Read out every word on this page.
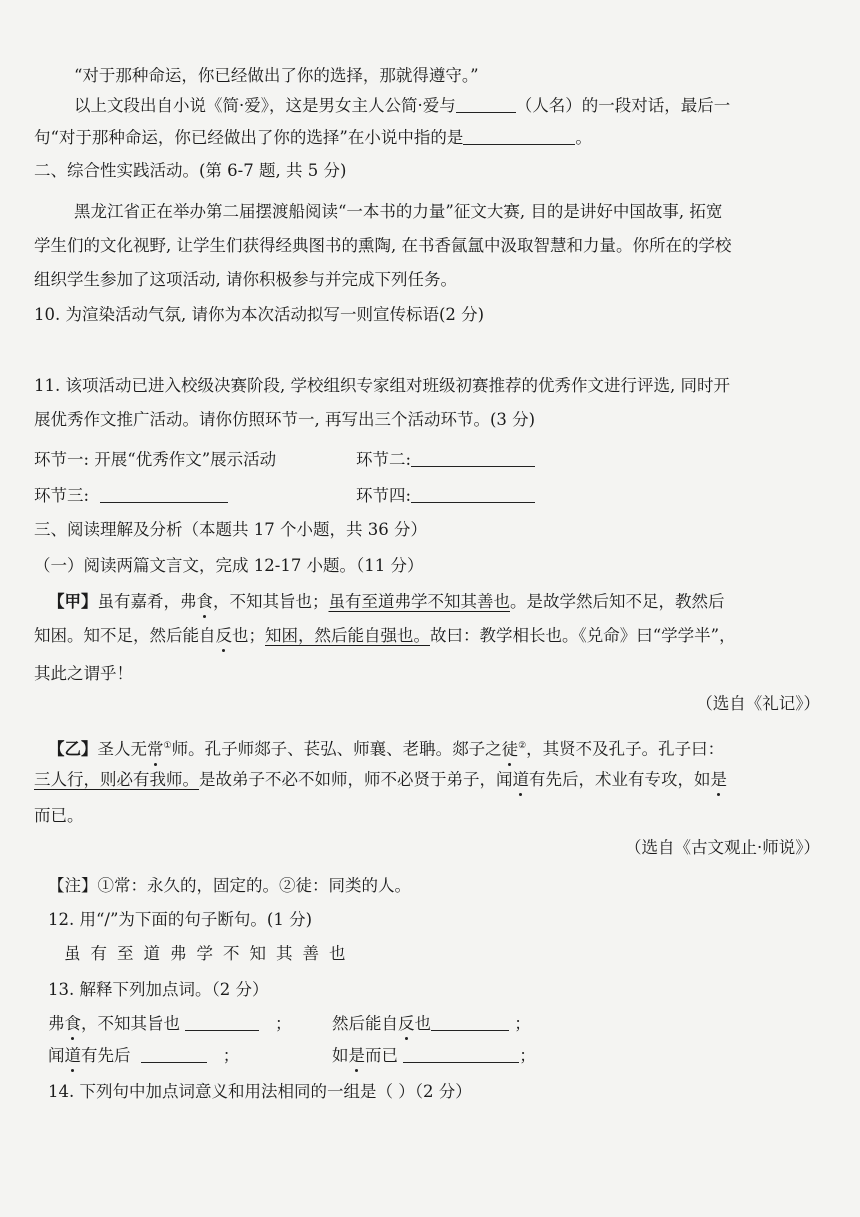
“对于那种命运，你已经做出了你的选择，那就得遵守。”
以上文段出自小说《简·爱》，这是男女主人公简·爱与	（人名）的一段对话，最后一
句“对于那种命运，你已经做出了你的选择”在小说中指的是	。
二、综合性实践活动。(第 6-7 题, 共 5 分)
黑龙江省正在举办第二届摆渡船阅读“一本书的力量”征文大赛, 目的是讲好中国故事, 拓宽
学生们的文化视野, 让学生们获得经典图书的熏陶, 在书香氤氲中汲取智慧和力量。你所在的学校
组织学生参加了这项活动, 请你积极参与并完成下列任务。
10. 为渲染活动气氛, 请你为本次活动拟写一则宣传标语(2 分)
11. 该项活动已进入校级决赛阶段, 学校组织专家组对班级初赛推荐的优秀作文进行评选, 同时开
展优秀作文推广活动。请你仿照环节一, 再写出三个活动环节。(3 分)
环节一: 开展“优秀作文”展示活动	环节二:
环节三:	环节四:
三、阅读理解及分析（本题共 17 个小题，共 36 分）
（一）阅读两篇文言文，完成 12-17 小题。（11 分）
【甲】虽有嘉肴，弗食，不知其旨也；虽有至道弗学不知其善也。是故学然后知不足，教然后
知困。知不足，然后能自反也；知困，然后能自强也。故曰：教学相长也。《兑命》曰“学学半”，
其此之谓乎！
（选自《礼记》）
【乙】圣人无常①师。孔子师郯子、苌弘、师襄、老聃。郯子之徒②，其贤不及孔子。孔子曰：
三人行，则必有我师。是故弟子不必不如师，师不必贤于弟子，闻道有先后，术业有专攻，如是
而已。
（选自《古文观止·师说》）
【注】①常：永久的，固定的。②徒：同类的人。
12. 用“/”为下面的句子断句。(1 分)
虽有至道弗学不知其善也
13. 解释下列加点词。（2 分）
弗食，不知其旨也	； 然后能自反也	；
闻道有先后	；	如是而已	；
14. 下列句中加点词意义和用法相同的一组是（ ）（2 分）
